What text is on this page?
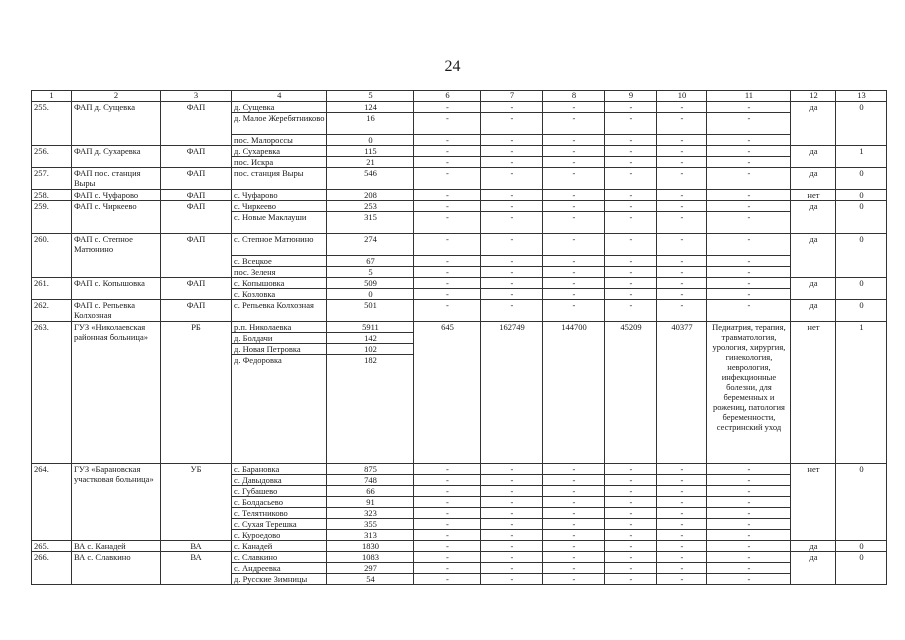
24
1	2	3	4	5	6	7	8	9	10	11	12	13
255.	ФАП д. Сущевка	ФАП	д. Сущевка	124	-	-	-	-	-	-	да	0
			д. Малое Жеребятниково	16	-	-	-	-	-	-		
			пос. Малороссы	0	-	-	-	-	-	-		
256.	ФАП д. Сухаревка	ФАП	д. Сухаревка	115	-	-	-	-	-	-	да	1
			пос. Искра	21	-	-	-	-	-	-		
257.	ФАП пос. станция Выры	ФАП	пос. станция Выры	546	-	-	-	-	-	-	да	0
258.	ФАП с. Чуфарово	ФАП	с. Чуфарово	208	-	-	-	-	-	-	нет	0
259.	ФАП с. Чиркеево	ФАП	с. Чиркеево	253	-	-	-	-	-	-	да	0
			с. Новые Маклауши	315	-	-	-	-	-	-		
260.	ФАП с. Степное Матюнино	ФАП	с. Степное Матюнино	274	-	-	-	-	-	-	да	0
			с. Всецкое	67	-	-	-	-	-	-		
			пос. Зеленя	5	-	-	-	-	-	-		
261.	ФАП с. Копышовка	ФАП	с. Копышовка	509	-	-	-	-	-	-	да	0
			с. Козловка	0	-	-	-	-	-	-		
262.	ФАП с. Репьевка Колхозная	ФАП	с. Репьевка Колхозная	501	-	-	-	-	-	-	да	0
263.	ГУЗ «Николаевская районная больница»	РБ	р.п. Николаевка	5911	645	162749	144700	45209	40377	Педиатрия, терапия, травматология, урология, хирургия, гинекология, неврология, инфекционные болезни, для беременных и рожениц, патология беременности, сестринский уход	нет	1
			д. Болдачи	142								
			д. Новая Петровка	102								
			д. Федоровка	182								
264.	ГУЗ «Барановская участковая больница»	УБ	с. Барановка	875	-	-	-	-	-	-	нет	0
			с. Давыдовка	748	-	-	-	-	-	-		
			с. Губашево	66	-	-	-	-	-	-		
			с. Болдасьево	91	-	-	-	-	-	-		
			с. Телятниково	323	-	-	-	-	-	-		
			с. Сухая Терешка	355	-	-	-	-	-	-		
			с. Куроедово	313	-	-	-	-	-	-		
265.	ВА с. Канадей	ВА	с. Канадей	1830	-	-	-	-	-	-	да	0
266.	ВА с. Славкино	ВА	с. Славкино	1083	-	-	-	-	-	-	да	0
			с. Андреевка	297	-	-	-	-	-	-		
			д. Русские Зимницы	54	-	-	-	-	-	-		
